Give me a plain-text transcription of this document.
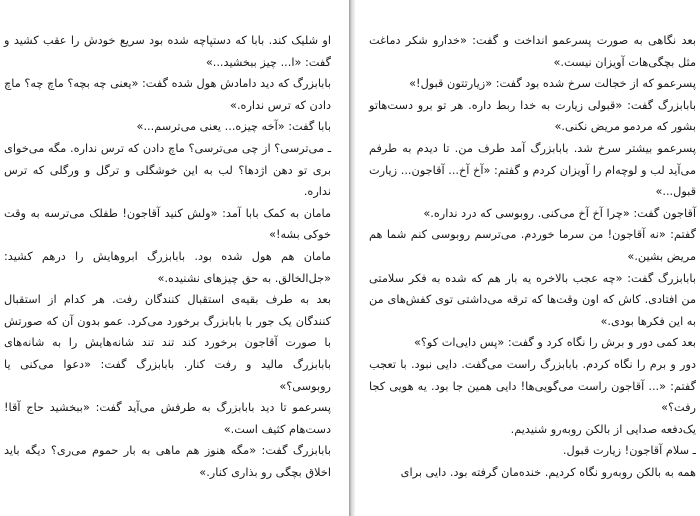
او شلیک کند. بابا که دستپاچه شده بود سریع خودش را عقب کشید و گفت: «ا... چیز ببخشید...»

بابابزرگ که دید دامادش هول شده گفت: «یعنی چه بچه؟ ماچ چه؟ ماچ دادن که ترس نداره.»

بابا گفت: «آخه چیزه... یعنی می‌ترسم...»

ـ می‌ترسی؟ از چی می‌ترسی؟ ماچ دادن که ترس نداره. مگه می‌خوای بری تو دهن اژدها؟ لب به این خوشگلی و ترگل و ورگلی که ترس نداره.

مامان به کمک بابا آمد: «ولش کنید آقاجون! طفلک می‌ترسه به وقت خوکی بشه!»

مامان هم هول شده بود. بابابزرگ ابروهایش را درهم کشید: «جل‌الخالق. به حق چیزهای نشنیده.»

بعد به طرف بقیه‌ی استقبال کنندگان رفت. هر کدام از استقبال کنندگان یک جور با بابابزرگ برخورد می‌کرد. عمو بدون آن که صورتش با صورت آقاجون برخورد کند تند تند شانه‌هایش را به شانه‌های بابابزرگ مالید و رفت کنار. بابابزرگ گفت: «دعوا می‌کنی یا روبوسی؟»

پسرعمو تا دید بابابزرگ به طرفش می‌آید گفت: «ببخشید حاج آقا! دست‌هام کثیف است.»

بابابزرگ گفت: «مگه هنوز هم ماهی به بار حموم می‌ری؟ دیگه باید اخلاق بچگی رو بذاری کنار.»

بعد نگاهی به صورت پسرعمو انداخت و گفت: «خدارو شکر دماغت مثل بچگی‌هات آویزان نیست.»

پسرعمو که از خجالت سرخ شده بود گفت: «زیارتتون قبول!»

بابابزرگ گفت: «قبولی زیارت به خدا ربط داره. هر تو برو دست‌هاتو بشور که مردمو مریض نکنی.»

پسرعمو بیشتر سرخ شد. بابابزرگ آمد طرف من. تا دیدم به طرفم می‌آید لب و لوچه‌ام را آویزان کردم و گفتم: «آخ آخ... آقاجون... زیارت قبول...»

آقاجون گفت: «چرا آخ آخ می‌کنی. روبوسی که درد نداره.»

گفتم: «نه آقاجون! من سرما خوردم. می‌ترسم روبوسی کنم شما هم مریض بشین.»

بابابزرگ گفت: «چه عجب بالاخره یه بار هم که شده به فکر سلامتی من افتادی. کاش که اون وقت‌ها که ترقه می‌داشتی توی کفش‌های من به این فکرها بودی.»

بعد کمی دور و برش را نگاه کرد و گفت: «پس دایی‌ات کو؟»

دور و برم را نگاه کردم. بابابزرگ راست می‌گفت. دایی نبود. با تعجب گفتم: «... آقاجون راست می‌گویی‌ها! دایی همین جا بود. یه هویی کجا رفت؟»

یک‌دفعه صدایی از بالکن روبه‌رو شنیدیم.

ـ سلام آقاجون! زیارت قبول.

همه به بالکن روبه‌رو نگاه کردیم. خنده‌مان گرفته بود. دایی برای
